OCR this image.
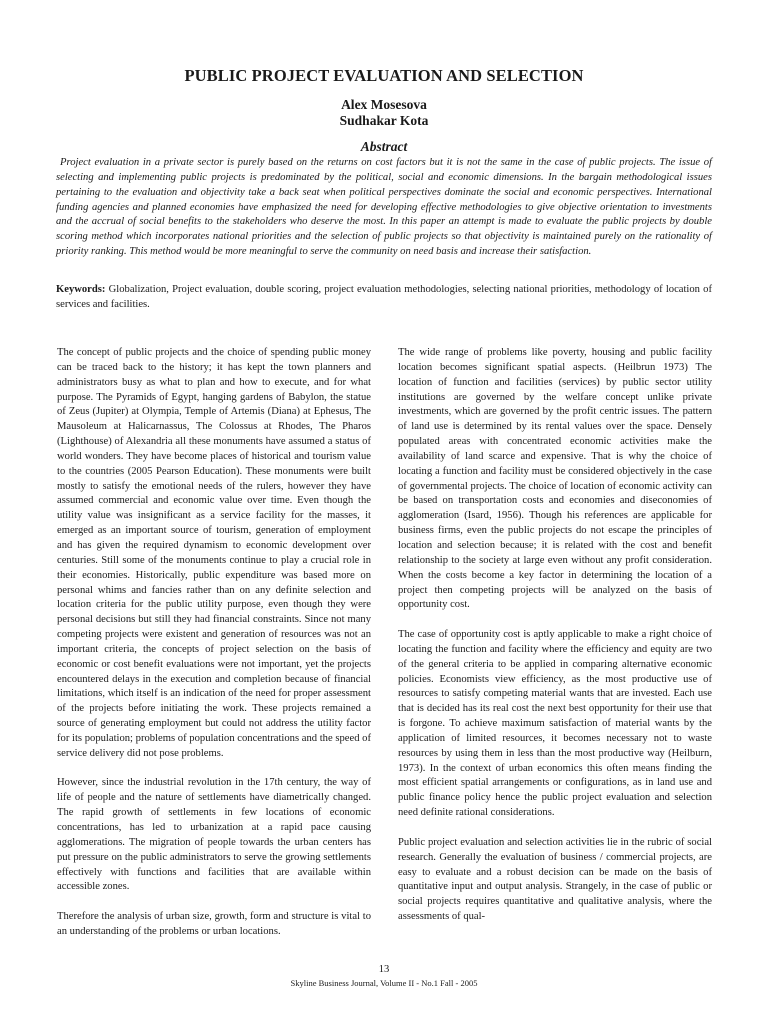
PUBLIC PROJECT EVALUATION AND SELECTION
Alex Mosesova
Sudhakar Kota
Abstract
Project evaluation in a private sector is purely based on the returns on cost factors but it is not the same in the case of public projects. The issue of selecting and implementing public projects is predominated by the political, social and economic dimensions. In the bargain methodological issues pertaining to the evaluation and objectivity take a back seat when political perspectives dominate the social and economic perspectives. International funding agencies and planned economies have emphasized the need for developing effective methodologies to give objective orientation to investments and the accrual of social benefits to the stakeholders who deserve the most. In this paper an attempt is made to evaluate the public projects by double scoring method which incorporates national priorities and the selection of public projects so that objectivity is maintained purely on the rationality of priority ranking. This method would be more meaningful to serve the community on need basis and increase their satisfaction.
Keywords: Globalization, Project evaluation, double scoring, project evaluation methodologies, selecting national priorities, methodology of location of services and facilities.

The concept of public projects and the choice of spending public money can be traced back to the history; it has kept the town planners and administrators busy as what to plan and how to execute, and for what purpose. The Pyramids of Egypt, hanging gardens of Babylon, the statue of Zeus (Jupiter) at Olympia, Temple of Artemis (Diana) at Ephesus, The Mausoleum at Halicarnassus, The Colossus at Rhodes, The Pharos (Lighthouse) of Alexandria all these monuments have assumed a status of world wonders. They have become places of historical and tourism value to the countries (2005 Pearson Education). These monuments were built mostly to satisfy the emotional needs of the rulers, however they have assumed commercial and economic value over time. Even though the utility value was insignificant as a service facility for the masses, it emerged as an important source of tourism, generation of employment and has given the required dynamism to economic development over centuries. Still some of the monuments continue to play a crucial role in their economies. Historically, public expenditure was based more on personal whims and fancies rather than on any definite selection and location criteria for the public utility purpose, even though they were personal decisions but still they had financial constraints. Since not many competing projects were existent and generation of resources was not an important criteria, the concepts of project selection on the basis of economic or cost benefit evaluations were not important, yet the projects encountered delays in the execution and completion because of financial limitations, which itself is an indication of the need for proper assessment of the projects before initiating the work. These projects remained a source of generating employment but could not address the utility factor for its population; problems of population concentrations and the speed of service delivery did not pose problems.

However, since the industrial revolution in the 17th century, the way of life of people and the nature of settlements have diametrically changed. The rapid growth of settlements in few locations of economic concentrations, has led to urbanization at a rapid pace causing agglomerations. The migration of people towards the urban centers has put pressure on the public administrators to serve the growing settlements effectively with functions and facilities that are available within accessible zones.

Therefore the analysis of urban size, growth, form and structure is vital to an understanding of the problems or urban locations.

The wide range of problems like poverty, housing and public facility location becomes significant spatial aspects. (Heilbrun 1973) The location of function and facilities (services) by public sector utility institutions are governed by the welfare concept unlike private investments, which are governed by the profit centric issues. The pattern of land use is determined by its rental values over the space. Densely populated areas with concentrated economic activities make the availability of land scarce and expensive. That is why the choice of locating a function and facility must be considered objectively in the case of governmental projects. The choice of location of economic activity can be based on transportation costs and economies and diseconomies of agglomeration (Isard, 1956). Though his references are applicable for business firms, even the public projects do not escape the principles of location and selection because; it is related with the cost and benefit relationship to the society at large even without any profit consideration. When the costs become a key factor in determining the location of a project then competing projects will be analyzed on the basis of opportunity cost.

The case of opportunity cost is aptly applicable to make a right choice of locating the function and facility where the efficiency and equity are two of the general criteria to be applied in comparing alternative economic policies. Economists view efficiency, as the most productive use of resources to satisfy competing material wants that are invested. Each use that is decided has its real cost the next best opportunity for their use that is forgone. To achieve maximum satisfaction of material wants by the application of limited resources, it becomes necessary not to waste resources by using them in less than the most productive way (Heilburn, 1973). In the context of urban economics this often means finding the most efficient spatial arrangements or configurations, as in land use and public finance policy hence the public project evaluation and selection need definite rational considerations.

Public project evaluation and selection activities lie in the rubric of social research. Generally the evaluation of business / commercial projects, are easy to evaluate and a robust decision can be made on the basis of quantitative input and output analysis. Strangely, in the case of public or social projects requires quantitative and qualitative analysis, where the assessments of qual-

13
Skyline Business Journal, Volume II - No.1 Fall - 2005
